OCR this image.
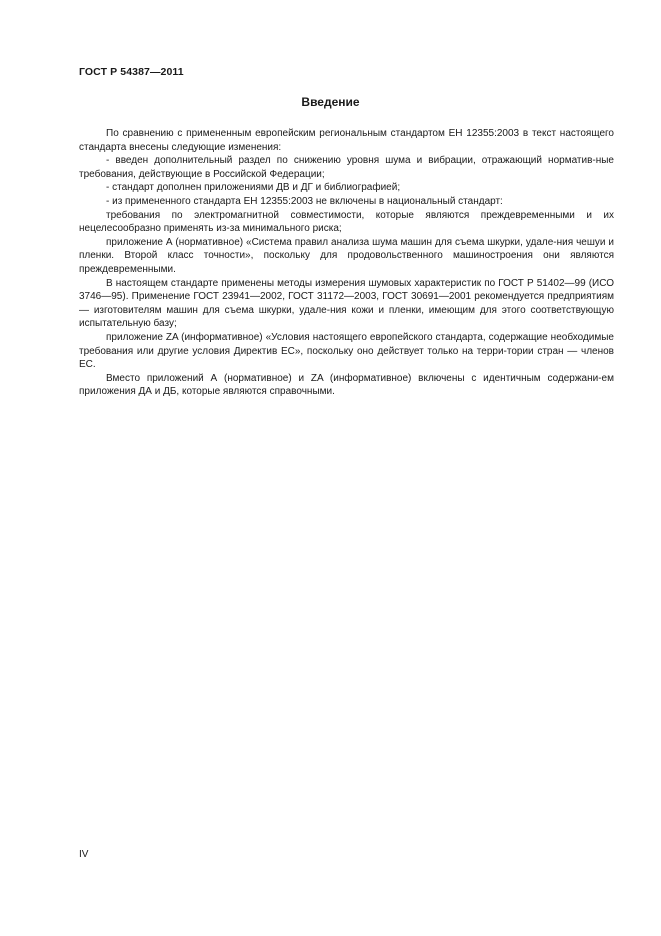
ГОСТ Р 54387—2011
Введение

По сравнению с примененным европейским региональным стандартом ЕН 12355:2003 в текст настоящего стандарта внесены следующие изменения:

- введен дополнительный раздел по снижению уровня шума и вибрации, отражающий норматив-ные требования, действующие в Российской Федерации;

- стандарт дополнен приложениями ДВ и ДГ и библиографией;

- из примененного стандарта ЕН 12355:2003 не включены в национальный стандарт:

требования по электромагнитной совместимости, которые являются преждевременными и их нецелесообразно применять из-за минимального риска;

приложение А (нормативное) «Система правил анализа шума машин для съема шкурки, удале-ния чешуи и пленки. Второй класс точности», поскольку для продовольственного машиностроения они являются преждевременными.

В настоящем стандарте применены методы измерения шумовых характеристик по ГОСТ Р 51402—99 (ИСО 3746—95). Применение ГОСТ 23941—2002, ГОСТ 31172—2003, ГОСТ 30691—2001 рекомендуется предприятиям — изготовителям машин для съема шкурки, удале-ния кожи и пленки, имеющим для этого соответствующую испытательную базу;

приложение ZA (информативное) «Условия настоящего европейского стандарта, содержащие необходимые требования или другие условия Директив ЕС», поскольку оно действует только на терри-тории стран — членов ЕС.

Вместо приложений А (нормативное) и ZA (информативное) включены с идентичным содержани-ем приложения ДА и ДБ, которые являются справочными.

IV
